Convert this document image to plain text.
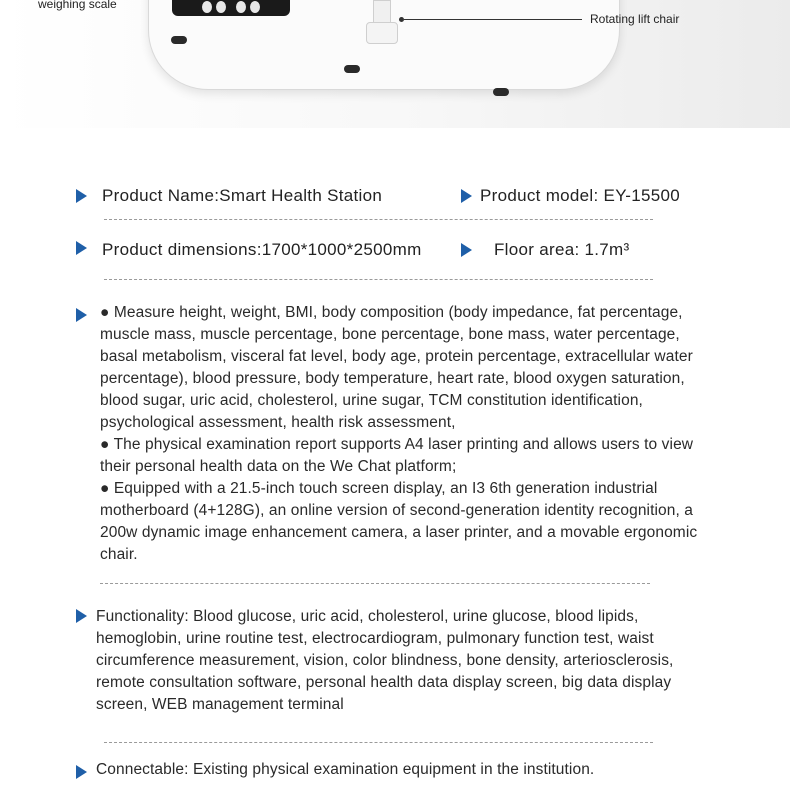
weighing scale
Rotating lift chair
Product Name:Smart Health Station	Product model: EY-15500
Product dimensions:1700*1000*2500mm	Floor area: 1.7m³

● Measure height, weight, BMI, body composition (body impedance, fat percentage, muscle mass, muscle percentage, bone percentage, bone mass, water percentage, basal metabolism, visceral fat level, body age, protein percentage, extracellular water percentage), blood pressure, body temperature, heart rate, blood oxygen saturation, blood sugar, uric acid, cholesterol, urine sugar, TCM constitution identification, psychological assessment, health risk assessment,

● The physical examination report supports A4 laser printing and allows users to view their personal health data on the We Chat platform;

● Equipped with a 21.5-inch touch screen display, an I3 6th generation industrial motherboard (4+128G), an online version of second-generation identity recognition, a 200w dynamic image enhancement camera, a laser printer, and a movable ergonomic chair.

Functionality: Blood glucose, uric acid, cholesterol, urine glucose, blood lipids, hemoglobin, urine routine test, electrocardiogram, pulmonary function test, waist circumference measurement, vision, color blindness, bone density, arteriosclerosis, remote consultation software, personal health data display screen, big data display screen, WEB management terminal
Connectable: Existing physical examination equipment in the institution.
